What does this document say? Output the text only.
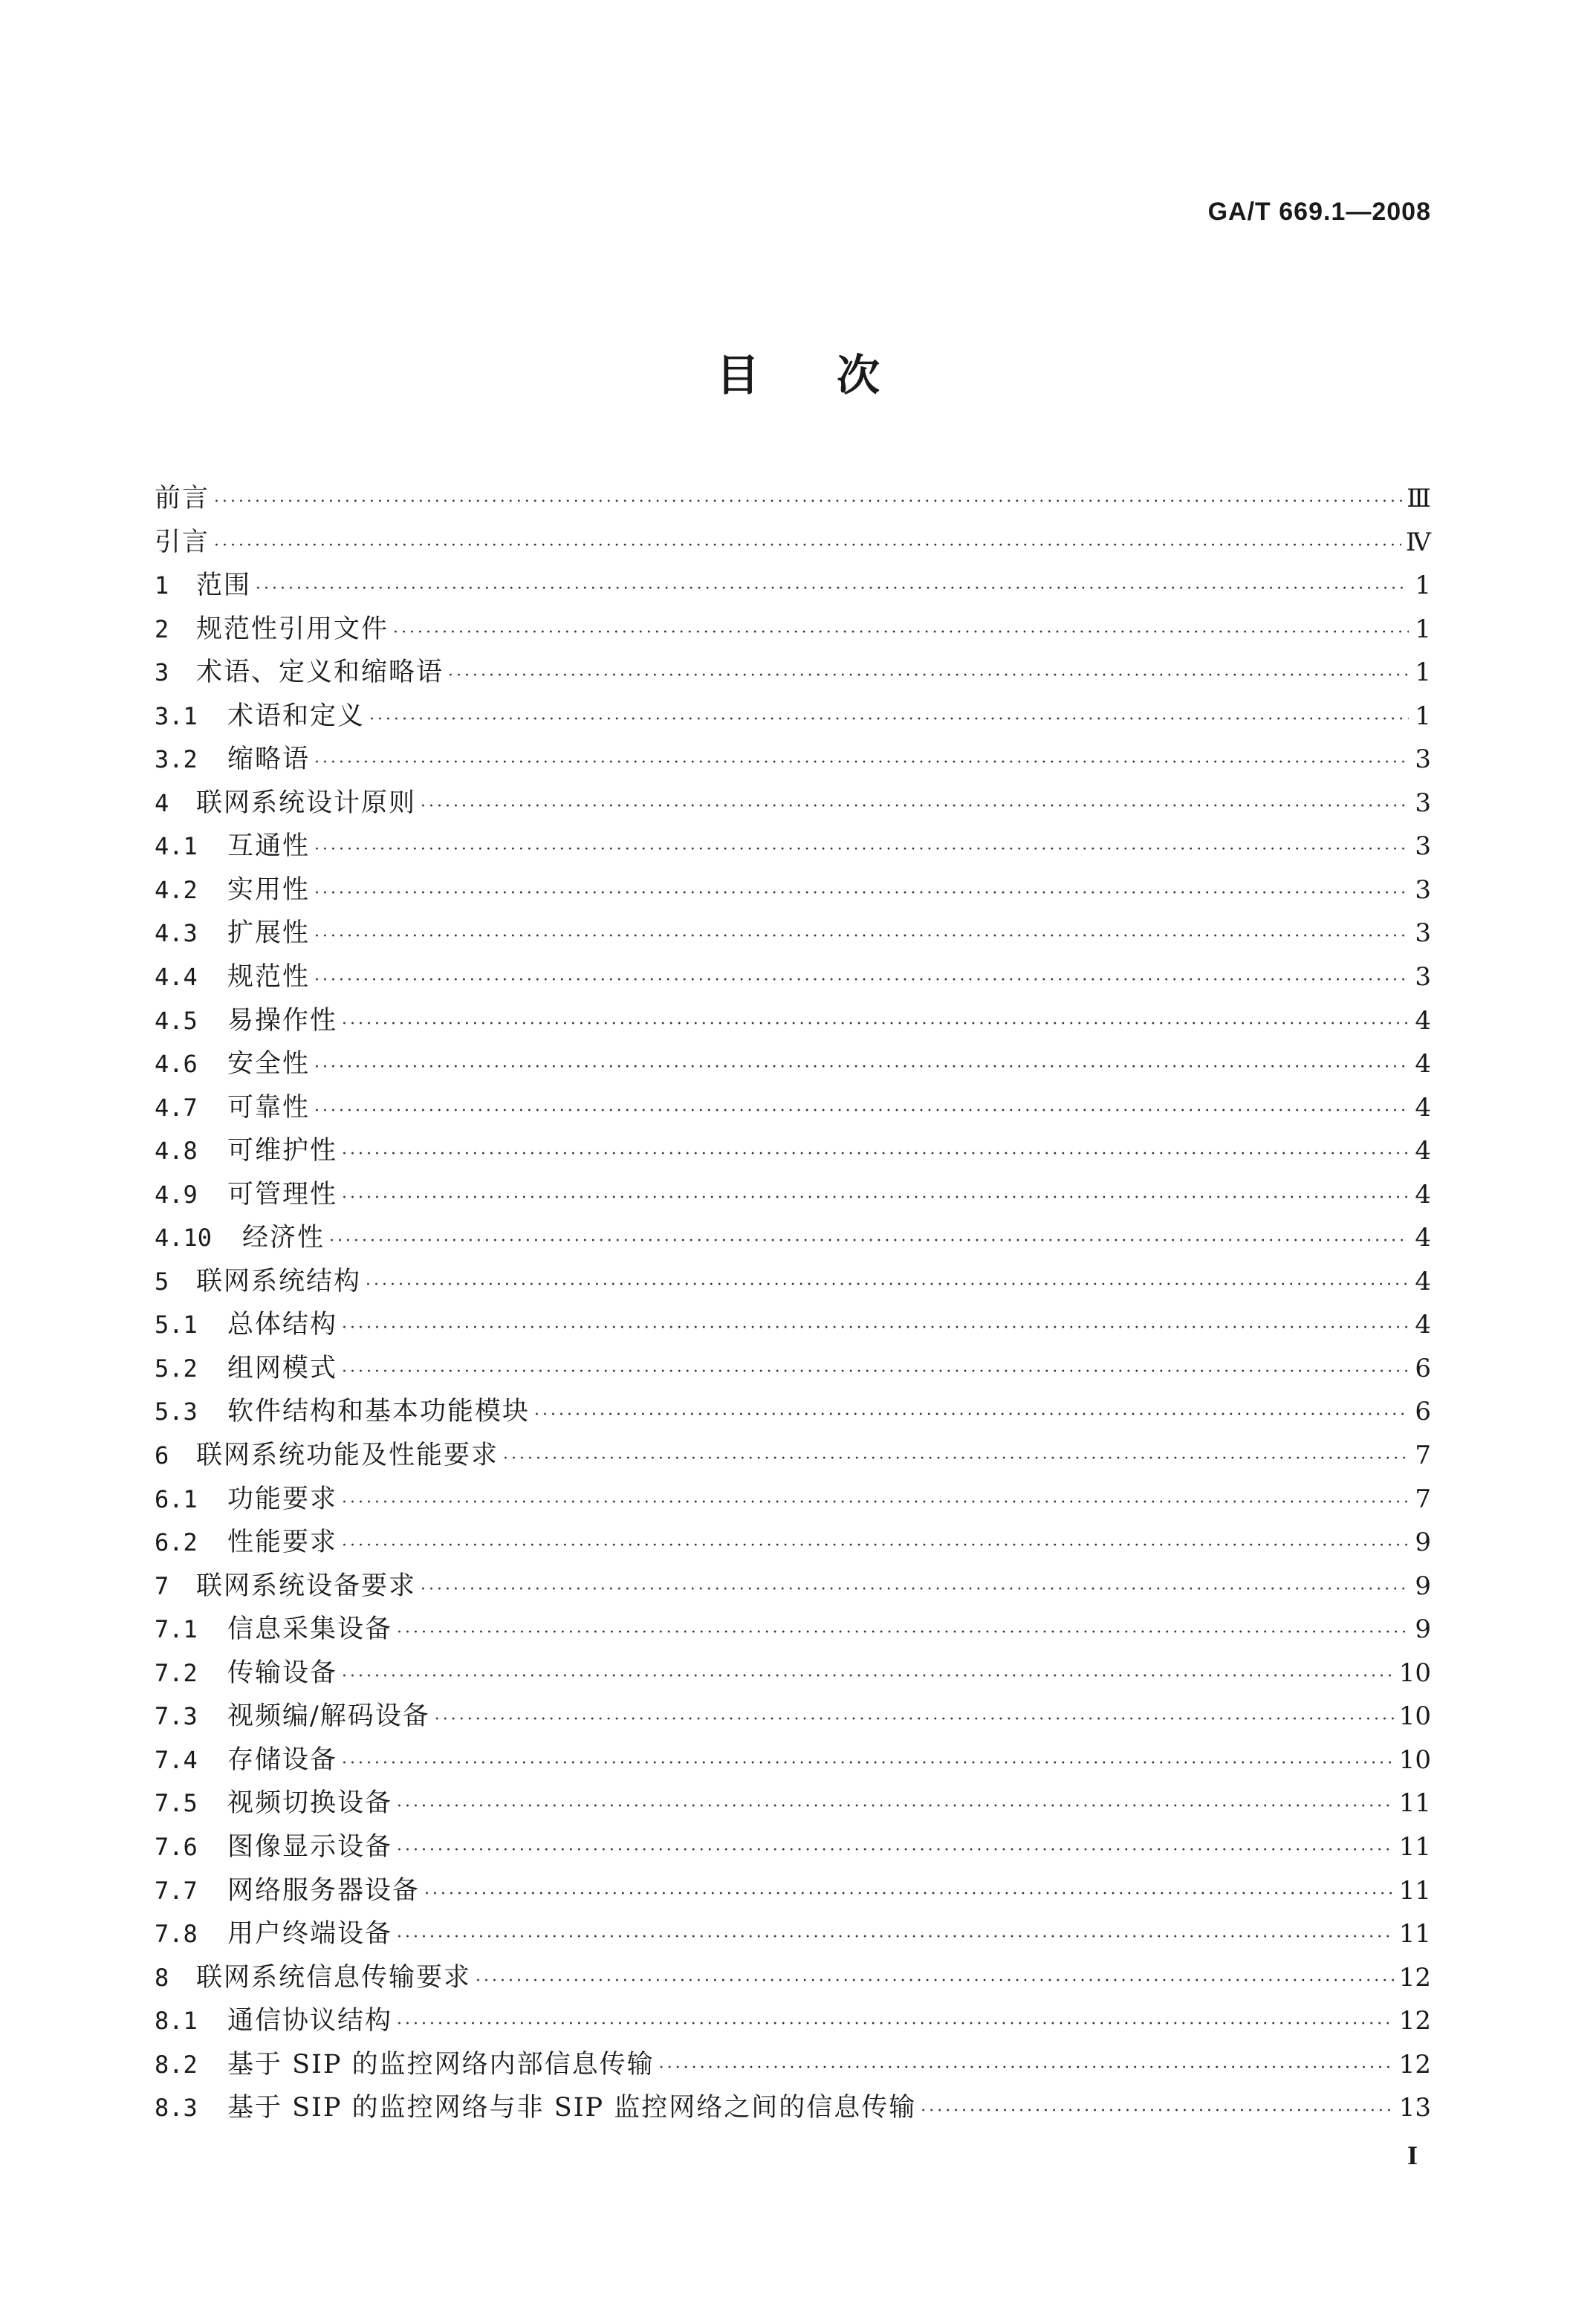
GA/T 669.1—2008
目 次
前言 ·····	Ⅲ
引言 ·····	Ⅳ
1	范围 ·····	1
2	规范性引用文件 ·····	1
3	术语、定义和缩略语 ·····	1
3.1	术语和定义 ·····	1
3.2	缩略语 ·····	3
4	联网系统设计原则 ·····	3
4.1	互通性 ·····	3
4.2	实用性 ·····	3
4.3	扩展性 ·····	3
4.4	规范性 ·····	3
4.5	易操作性 ·····	4
4.6	安全性 ·····	4
4.7	可靠性 ·····	4
4.8	可维护性 ·····	4
4.9	可管理性 ·····	4
4.10	经济性 ·····	4
5	联网系统结构 ·····	4
5.1	总体结构 ·····	4
5.2	组网模式 ·····	6
5.3	软件结构和基本功能模块 ·····	6
6	联网系统功能及性能要求 ·····	7
6.1	功能要求 ·····	7
6.2	性能要求 ·····	9
7	联网系统设备要求 ·····	9
7.1	信息采集设备 ·····	9
7.2	传输设备 ·····	10
7.3	视频编/解码设备 ·····	10
7.4	存储设备 ·····	10
7.5	视频切换设备 ·····	11
7.6	图像显示设备 ·····	11
7.7	网络服务器设备 ·····	11
7.8	用户终端设备 ·····	11
8	联网系统信息传输要求 ·····	12
8.1	通信协议结构 ·····	12
8.2	基于 SIP 的监控网络内部信息传输 ·····	12
8.3	基于 SIP 的监控网络与非 SIP 监控网络之间的信息传输 ·····	13
I
